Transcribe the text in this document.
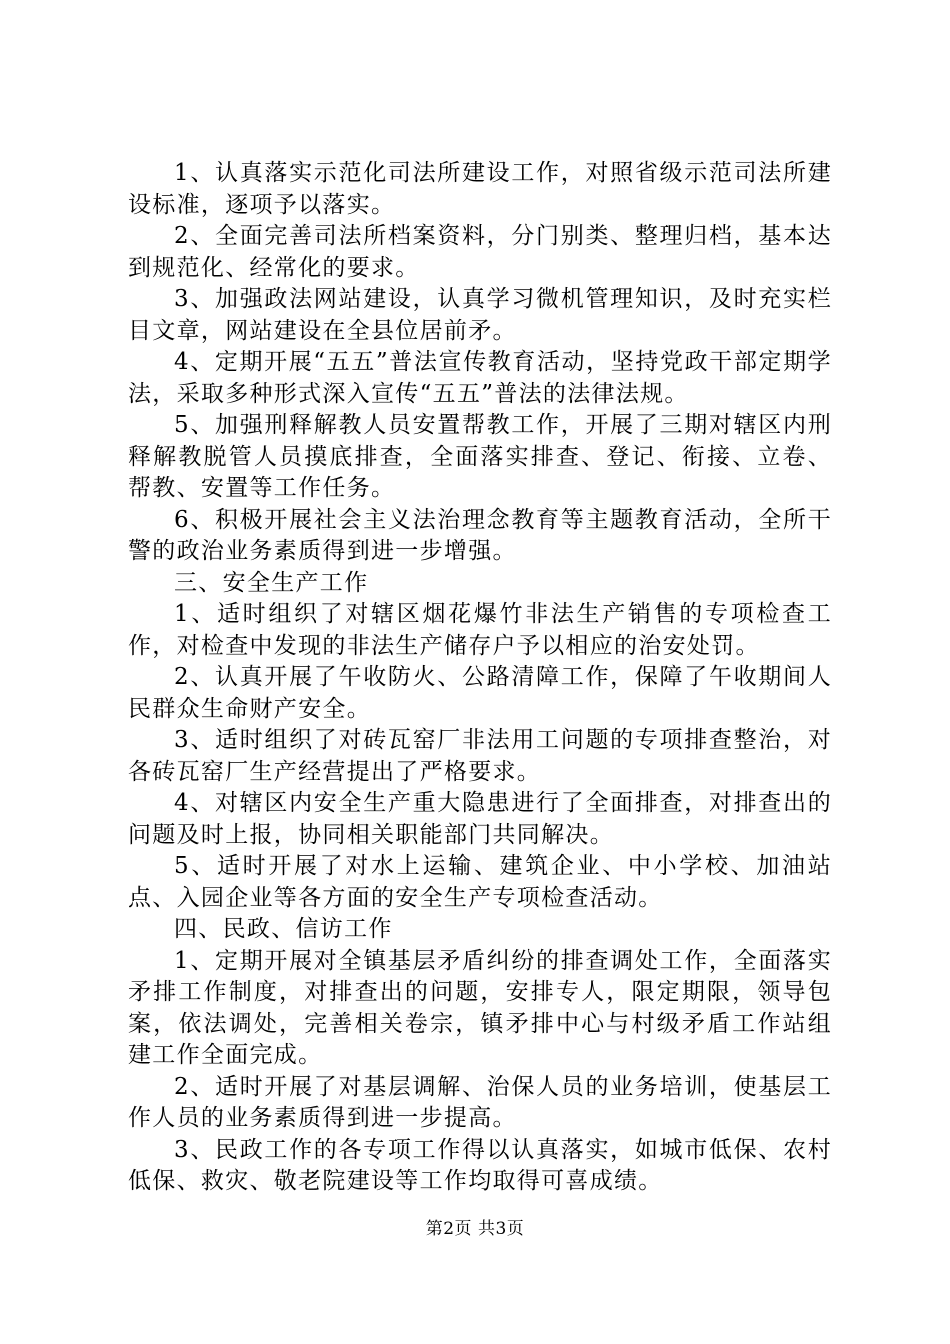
1、认真落实示范化司法所建设工作，对照省级示范司法所建设标准，逐项予以落实。

2、全面完善司法所档案资料，分门别类、整理归档，基本达到规范化、经常化的要求。

3、加强政法网站建设，认真学习微机管理知识，及时充实栏目文章，网站建设在全县位居前矛。

4、定期开展“五五”普法宣传教育活动，坚持党政干部定期学法，采取多种形式深入宣传“五五”普法的法律法规。

5、加强刑释解教人员安置帮教工作，开展了三期对辖区内刑释解教脱管人员摸底排查，全面落实排查、登记、衔接、立卷、帮教、安置等工作任务。

6、积极开展社会主义法治理念教育等主题教育活动，全所干警的政治业务素质得到进一步增强。

三、安全生产工作

1、适时组织了对辖区烟花爆竹非法生产销售的专项检查工作，对检查中发现的非法生产储存户予以相应的治安处罚。

2、认真开展了午收防火、公路清障工作，保障了午收期间人民群众生命财产安全。

3、适时组织了对砖瓦窑厂非法用工问题的专项排查整治，对各砖瓦窑厂生产经营提出了严格要求。

4、对辖区内安全生产重大隐患进行了全面排查，对排查出的问题及时上报，协同相关职能部门共同解决。

5、适时开展了对水上运输、建筑企业、中小学校、加油站点、入园企业等各方面的安全生产专项检查活动。

四、民政、信访工作

1、定期开展对全镇基层矛盾纠纷的排查调处工作，全面落实矛排工作制度，对排查出的问题，安排专人，限定期限，领导包案，依法调处，完善相关卷宗，镇矛排中心与村级矛盾工作站组建工作全面完成。

2、适时开展了对基层调解、治保人员的业务培训，使基层工作人员的业务素质得到进一步提高。

3、民政工作的各专项工作得以认真落实，如城市低保、农村低保、救灾、敬老院建设等工作均取得可喜成绩。

第2页 共3页
